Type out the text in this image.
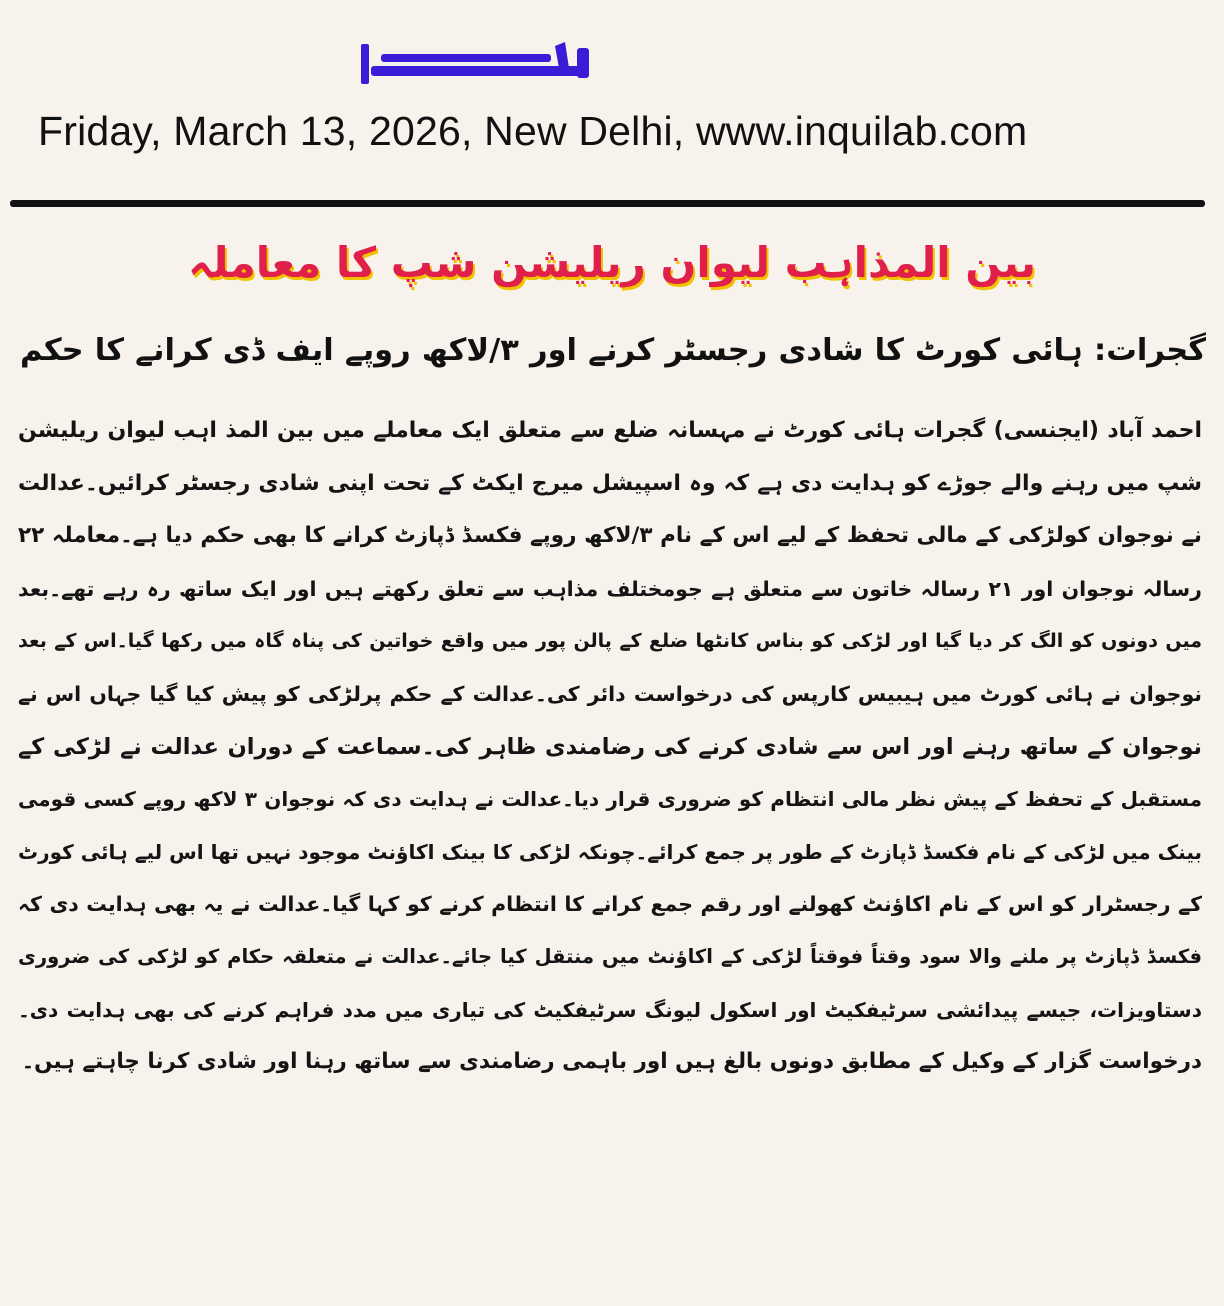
Friday, March 13, 2026, New Delhi, www.inquilab.com
بین المذاہب لیوان ریلیشن شپ کا معاملہ
گجرات: ہائی کورٹ کا شادی رجسٹر کرنے اور ۳/لاکھ روپے ایف ڈی کرانے کا حکم
احمد آباد (ایجنسی) گجرات ہائی کورٹ نے مہسانہ ضلع سے متعلق ایک معاملے میں بین المذ اہب لیوان ریلیشن
شپ میں رہنے والے جوڑے کو ہدایت دی ہے کہ وہ اسپیشل میرج ایکٹ کے تحت اپنی شادی رجسٹر کرائیں۔عدالت
نے نوجوان کولڑکی کے مالی تحفظ کے لیے اس کے نام ۳/لاکھ روپے فکسڈ ڈپازٹ کرانے کا بھی حکم دیا ہے۔معاملہ ۲۲
رسالہ نوجوان اور ۲۱ رسالہ خاتون سے متعلق ہے جومختلف مذاہب سے تعلق رکھتے ہیں اور ایک ساتھ رہ رہے تھے۔بعد
میں دونوں کو الگ کر دیا گیا اور لڑکی کو بناس کانٹھا ضلع کے پالن پور میں واقع خواتین کی پناہ گاہ میں رکھا گیا۔اس کے بعد
نوجوان نے ہائی کورٹ میں ہیبیس کارپس کی درخواست دائر کی۔عدالت کے حکم پرلڑکی کو پیش کیا گیا جہاں اس نے
نوجوان کے ساتھ رہنے اور اس سے شادی کرنے کی رضامندی ظاہر کی۔سماعت کے دوران عدالت نے لڑکی کے
مستقبل کے تحفظ کے پیش نظر مالی انتظام کو ضروری قرار دیا۔عدالت نے ہدایت دی کہ نوجوان ۳ لاکھ روپے کسی قومی
بینک میں لڑکی کے نام فکسڈ ڈپازٹ کے طور پر جمع کرائے۔چونکہ لڑکی کا بینک اکاؤنٹ موجود نہیں تھا اس لیے ہائی کورٹ
کے رجسٹرار کو اس کے نام اکاؤنٹ کھولنے اور رقم جمع کرانے کا انتظام کرنے کو کہا گیا۔عدالت نے یہ بھی ہدایت دی کہ
فکسڈ ڈپازٹ پر ملنے والا سود وقتاً فوقتاً لڑکی کے اکاؤنٹ میں منتقل کیا جائے۔عدالت نے متعلقہ حکام کو لڑکی کی ضروری
دستاویزات، جیسے پیدائشی سرٹیفکیٹ اور اسکول لیونگ سرٹیفکیٹ کی تیاری میں مدد فراہم کرنے کی بھی ہدایت دی۔
درخواست گزار کے وکیل کے مطابق دونوں بالغ ہیں اور باہمی رضامندی سے ساتھ رہنا اور شادی کرنا چاہتے ہیں۔
